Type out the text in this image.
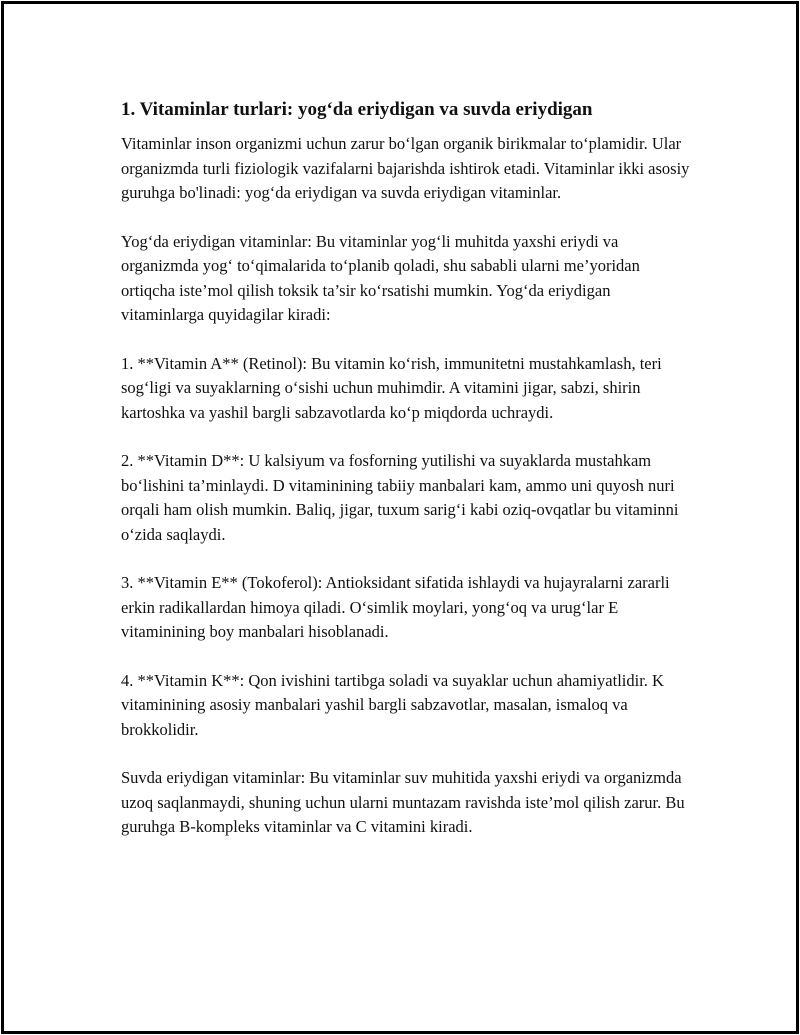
1. Vitaminlar turlari: yog‘da eriydigan va suvda eriydigan

Vitaminlar inson organizmi uchun zarur bo‘lgan organik birikmalar to‘plamidir. Ular organizmda turli fiziologik vazifalarni bajarishda ishtirok etadi. Vitaminlar ikki asosiy guruhga bo'linadi: yog‘da eriydigan va suvda eriydigan vitaminlar.

Yog‘da eriydigan vitaminlar: Bu vitaminlar yog‘li muhitda yaxshi eriydi va organizmda yog‘ to‘qimalarida to‘planib qoladi, shu sababli ularni me’yoridan ortiqcha iste’mol qilish toksik ta’sir ko‘rsatishi mumkin. Yog‘da eriydigan vitaminlarga quyidagilar kiradi:

1. **Vitamin A** (Retinol): Bu vitamin ko‘rish, immunitetni mustahkamlash, teri sog‘ligi va suyaklarning o‘sishi uchun muhimdir. A vitamini jigar, sabzi, shirin kartoshka va yashil bargli sabzavotlarda ko‘p miqdorda uchraydi.

2. **Vitamin D**: U kalsiyum va fosforning yutilishi va suyaklarda mustahkam bo‘lishini ta’minlaydi. D vitaminining tabiiy manbalari kam, ammo uni quyosh nuri orqali ham olish mumkin. Baliq, jigar, tuxum sarig‘i kabi oziq-ovqatlar bu vitaminni o‘zida saqlaydi.

3. **Vitamin E** (Tokoferol): Antioksidant sifatida ishlaydi va hujayralarni zararli erkin radikallardan himoya qiladi. O‘simlik moylari, yong‘oq va urug‘lar E vitaminining boy manbalari hisoblanadi.

4. **Vitamin K**: Qon ivishini tartibga soladi va suyaklar uchun ahamiyatlidir. K vitaminining asosiy manbalari yashil bargli sabzavotlar, masalan, ismaloq va brokkolidir.

Suvda eriydigan vitaminlar: Bu vitaminlar suv muhitida yaxshi eriydi va organizmda uzoq saqlanmaydi, shuning uchun ularni muntazam ravishda iste’mol qilish zarur. Bu guruhga B-kompleks vitaminlar va C vitamini kiradi.
